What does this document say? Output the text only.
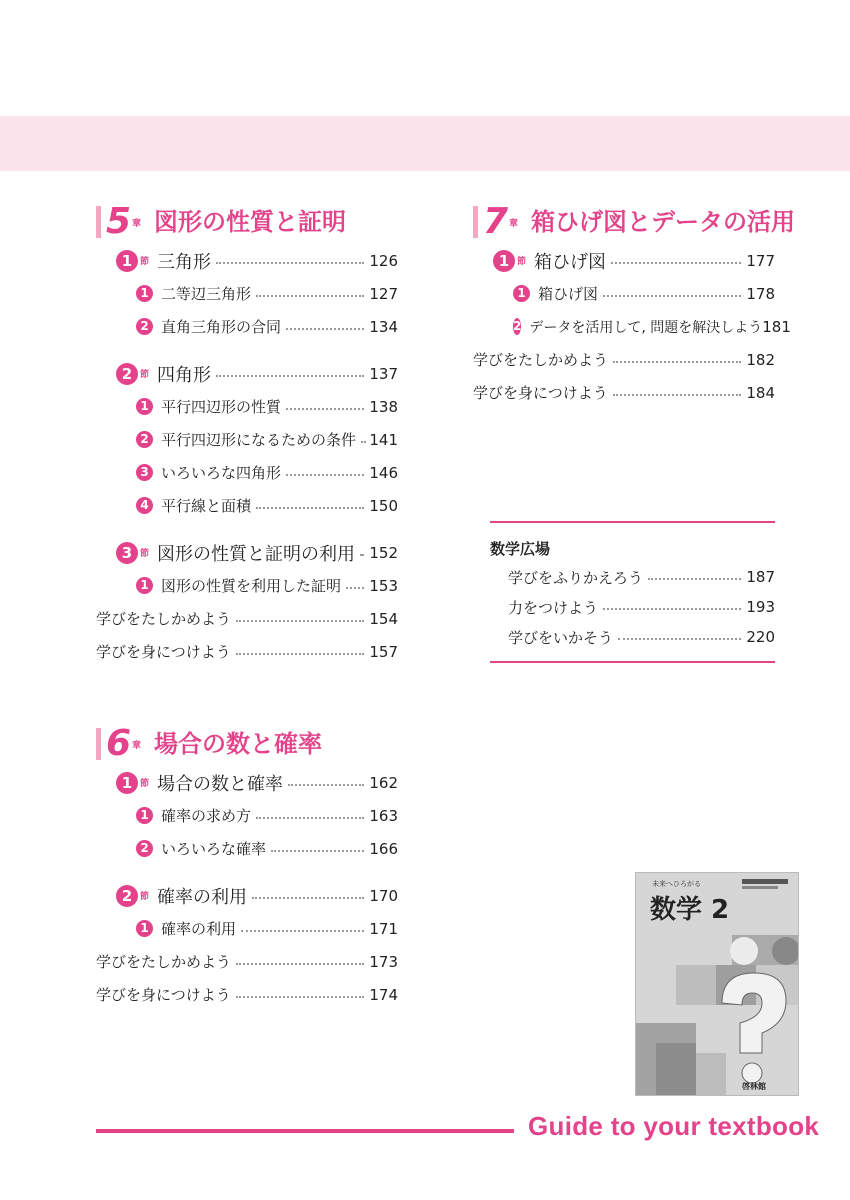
5 章 図形の性質と証明
1 節 三角形	126
1 二等辺三角形	127
2 直角三角形の合同	134
2 節 四角形	137
1 平行四辺形の性質	138
2 平行四辺形になるための条件 141
3 いろいろな四角形	146
4 平行線と面積	150
3 節 図形の性質と証明の利用 152
1 図形の性質を利用した証明 153
学びをたしかめよう	154
学びを身につけよう	157
6 章 場合の数と確率
1 節 場合の数と確率	162
1 確率の求め方	163
2 いろいろな確率	166
2 節 確率の利用	170
1 確率の利用	171
学びをたしかめよう	173
学びを身につけよう	174
7 章 箱ひげ図とデータの活用
1 節 箱ひげ図	177
1 箱ひげ図	178
2 データを活用して, 問題を解決しよう 181
学びをたしかめよう	182
学びを身につけよう	184
数学広場
学びをふりかえろう	187
力をつけよう	193
学びをいかそう	220
未来へひろがる
数学 2
啓林館
Guide to your textbook
